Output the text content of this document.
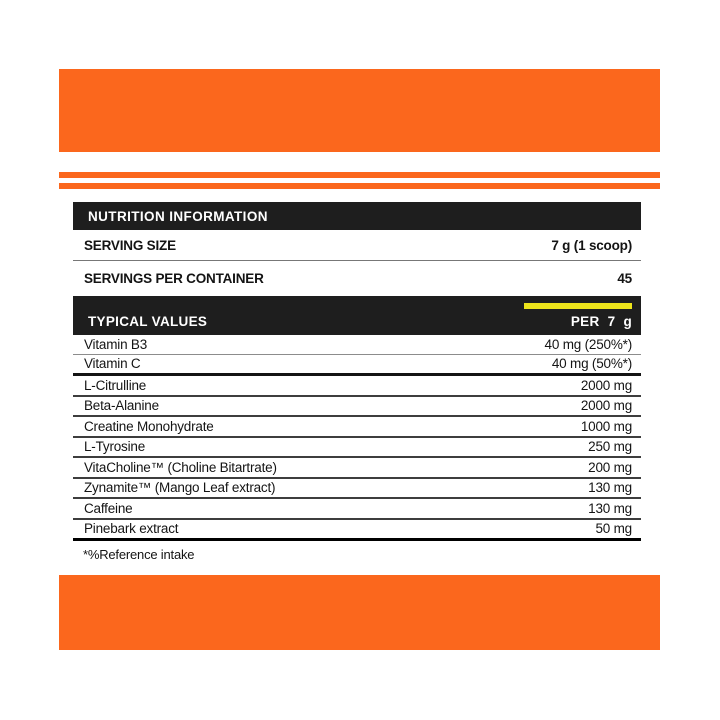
NUTRITION INFORMATION
SERVING SIZE	7 g (1 scoop)
SERVINGS PER CONTAINER	45
TYPICAL VALUES	PER 7 g
Vitamin B3	40 mg (250%*)
Vitamin C	40 mg (50%*)
L-Citrulline	2000 mg
Beta-Alanine	2000 mg
Creatine Monohydrate	1000 mg
L-Tyrosine	250 mg
VitaCholine™ (Choline Bitartrate)	200 mg
Zynamite™ (Mango Leaf extract)	130 mg
Caffeine	130 mg
Pinebark extract	50 mg
*%Reference intake
